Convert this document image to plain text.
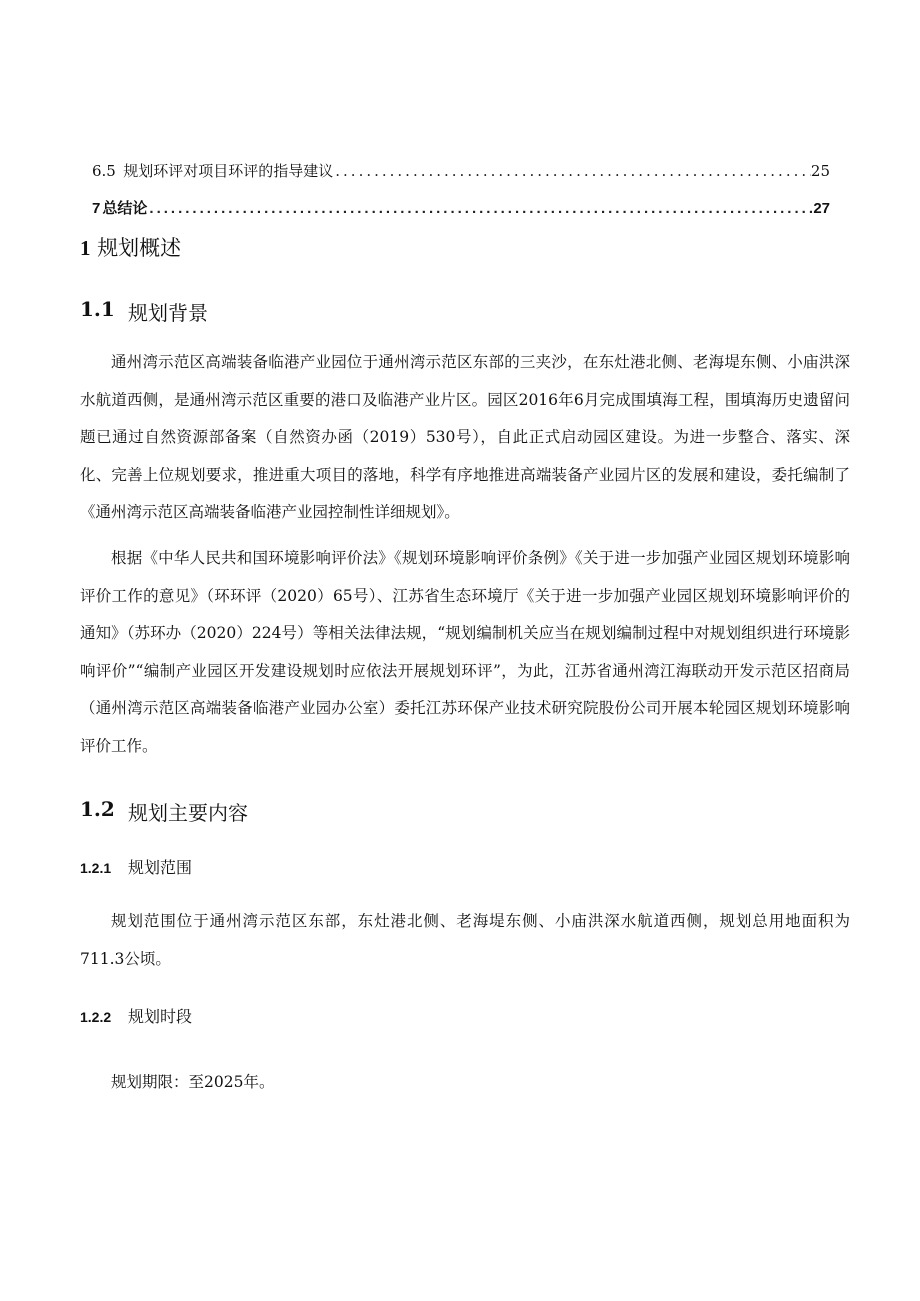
6.5 规划环评对项目环评的指导建议 .....	25
7 总结论 .....	27
1 规划概述
1.1 规划背景

通州湾示范区高端装备临港产业园位于通州湾示范区东部的三夹沙，在东灶港北侧、老海堤东侧、小庙洪深水航道西侧，是通州湾示范区重要的港口及临港产业片区。园区2016年6月完成围填海工程，围填海历史遗留问题已通过自然资源部备案（自然资办函（2019）530号），自此正式启动园区建设。为进一步整合、落实、深化、完善上位规划要求，推进重大项目的落地，科学有序地推进高端装备产业园片区的发展和建设，委托编制了《通州湾示范区高端装备临港产业园控制性详细规划》。

根据《中华人民共和国环境影响评价法》《规划环境影响评价条例》《关于进一步加强产业园区规划环境影响评价工作的意见》（环环评（2020）65号）、江苏省生态环境厅《关于进一步加强产业园区规划环境影响评价的通知》（苏环办（2020）224号）等相关法律法规，“规划编制机关应当在规划编制过程中对规划组织进行环境影响评价”“编制产业园区开发建设规划时应依法开展规划环评”，为此，江苏省通州湾江海联动开发示范区招商局（通州湾示范区高端装备临港产业园办公室）委托江苏环保产业技术研究院股份公司开展本轮园区规划环境影响评价工作。

1.2 规划主要内容
1.2.1	规划范围

规划范围位于通州湾示范区东部，东灶港北侧、老海堤东侧、小庙洪深水航道西侧，规划总用地面积为711.3公顷。

1.2.2	规划时段

规划期限：至2025年。
